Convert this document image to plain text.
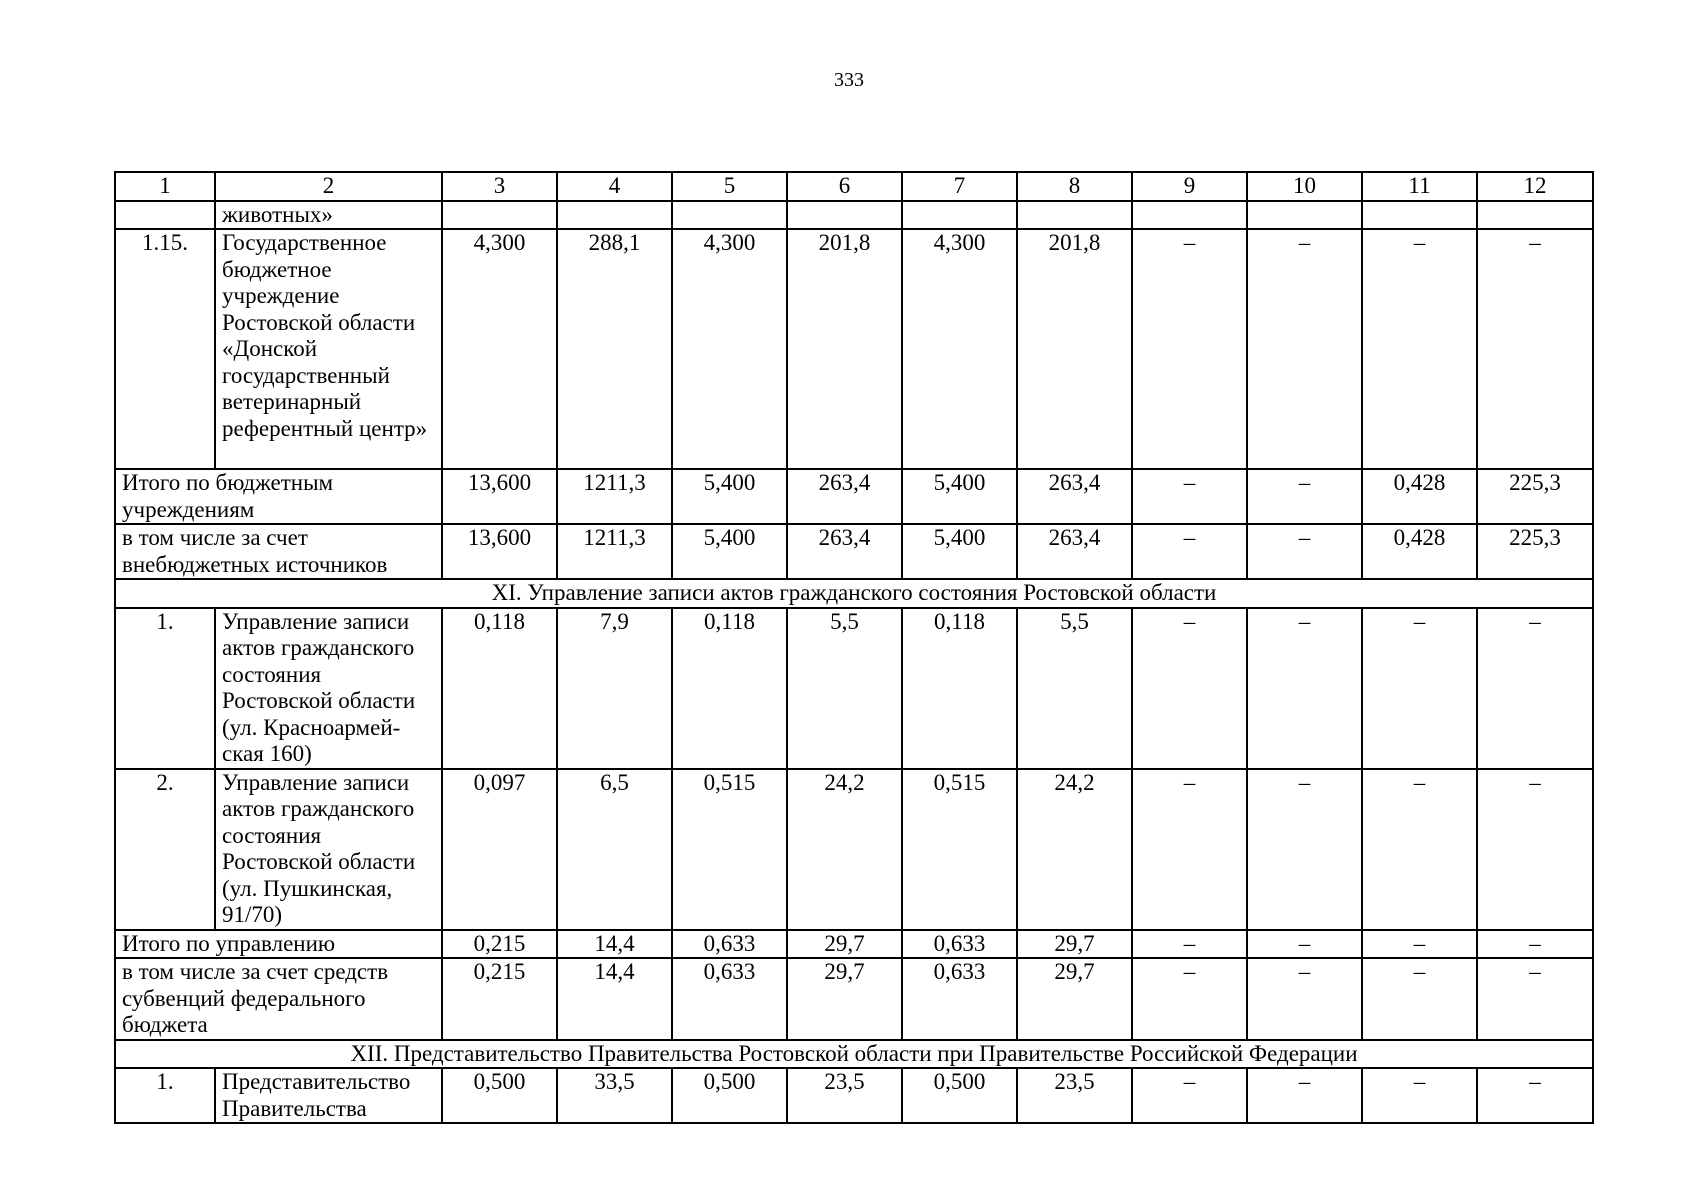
333
1	2	3	4	5	6	7	8	9	10	11	12
	животных»										
1.15.	Государственное бюджетное учреждение Ростовской области «Донской государственный ветеринарный референтный центр»	4,300	288,1	4,300	201,8	4,300	201,8	–	–	–	–
Итого по бюджетным учреждениям		13,600	1211,3	5,400	263,4	5,400	263,4	–	–	0,428	225,3
в том числе за счет внебюджетных источников		13,600	1211,3	5,400	263,4	5,400	263,4	–	–	0,428	225,3
XI. Управление записи актов гражданского состояния Ростовской области											
1.	Управление записи актов гражданского состояния Ростовской области (ул. Красноармей-ская 160)	0,118	7,9	0,118	5,5	0,118	5,5	–	–	–	–
2.	Управление записи актов гражданского состояния Ростовской области (ул. Пушкинская, 91/70)	0,097	6,5	0,515	24,2	0,515	24,2	–	–	–	–
Итого по управлению		0,215	14,4	0,633	29,7	0,633	29,7	–	–	–	–
в том числе за счет средств субвенций федерального бюджета		0,215	14,4	0,633	29,7	0,633	29,7	–	–	–	–
XII. Представительство Правительства Ростовской области при Правительстве Российской Федерации											
1.	Представительство Правительства	0,500	33,5	0,500	23,5	0,500	23,5	–	–	–	–
